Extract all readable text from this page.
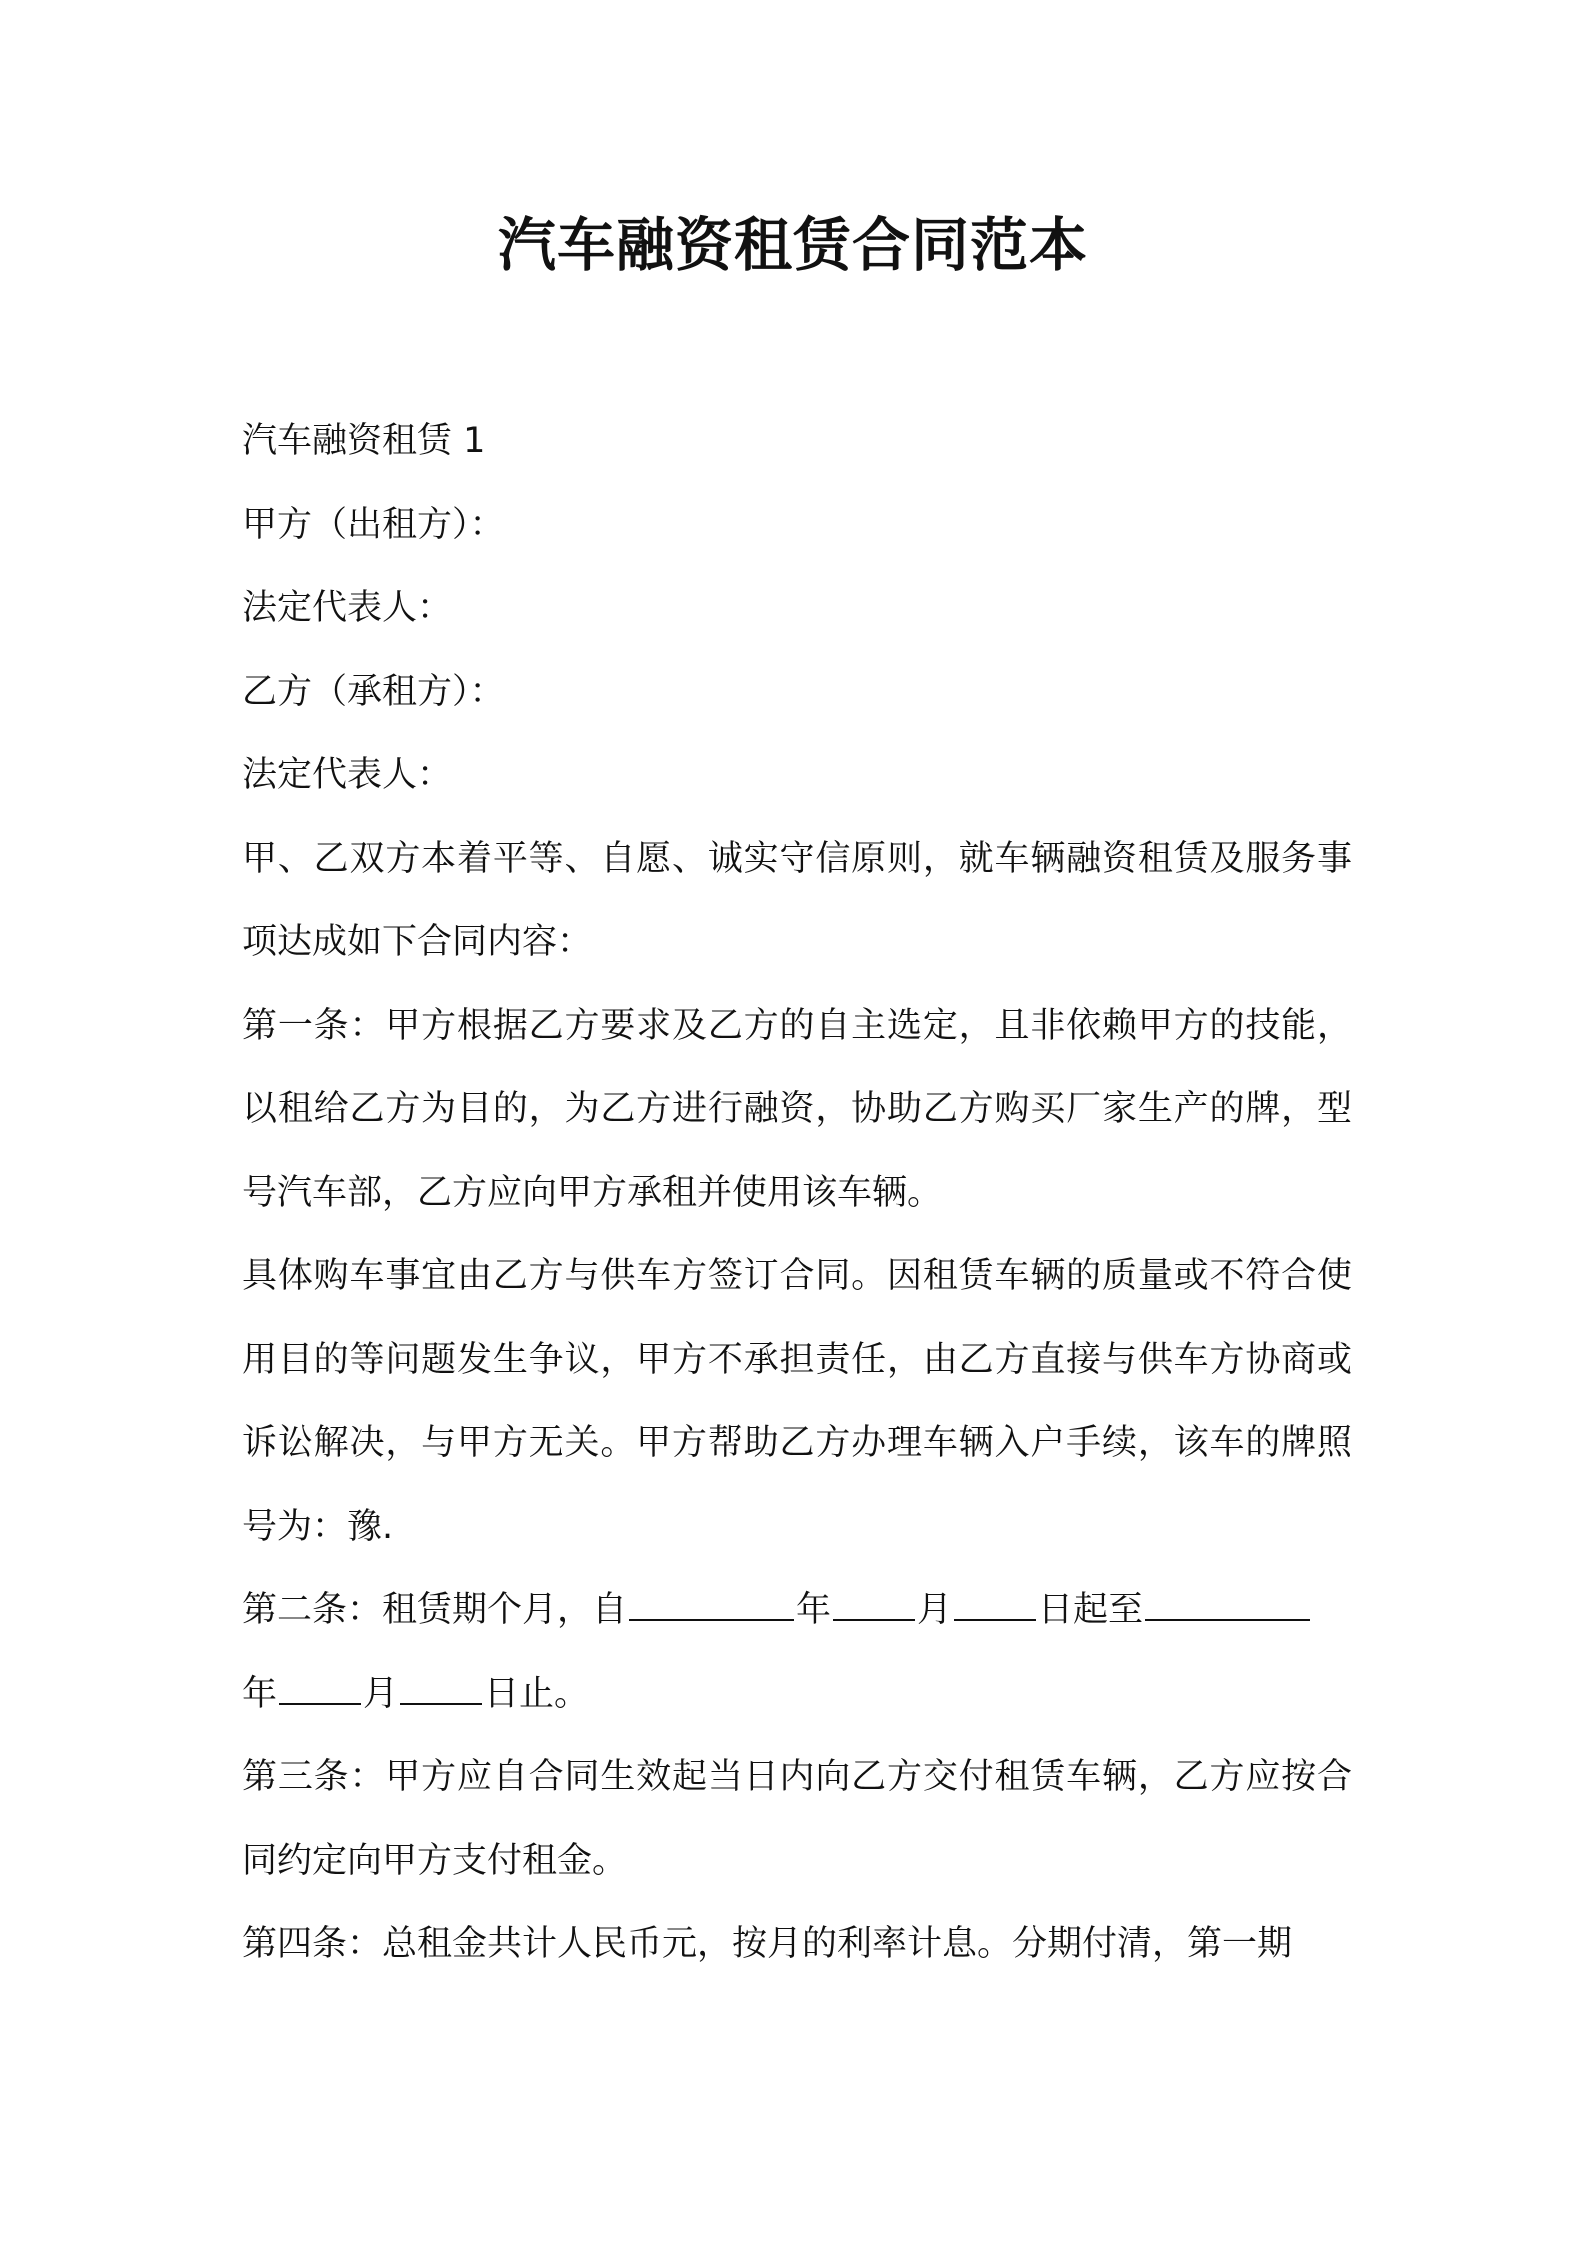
汽车融资租赁合同范本

汽车融资租赁 1

甲方（出租方）：

法定代表人：

乙方（承租方）：

法定代表人：

甲、乙双方本着平等、自愿、诚实守信原则，就车辆融资租赁及服务事项达成如下合同内容：

第一条：甲方根据乙方要求及乙方的自主选定，且非依赖甲方的技能，以租给乙方为目的，为乙方进行融资，协助乙方购买厂家生产的牌，型号汽车部，乙方应向甲方承租并使用该车辆。

具体购车事宜由乙方与供车方签订合同。因租赁车辆的质量或不符合使用目的等问题发生争议，甲方不承担责任，由乙方直接与供车方协商或诉讼解决，与甲方无关。甲方帮助乙方办理车辆入户手续，该车的牌照号为：豫.

第二条：租赁期个月，自	年 月 日起至
年 月 日止。

第三条：甲方应自合同生效起当日内向乙方交付租赁车辆，乙方应按合同约定向甲方支付租金。

第四条：总租金共计人民币元，按月的利率计息。分期付清，第一期
